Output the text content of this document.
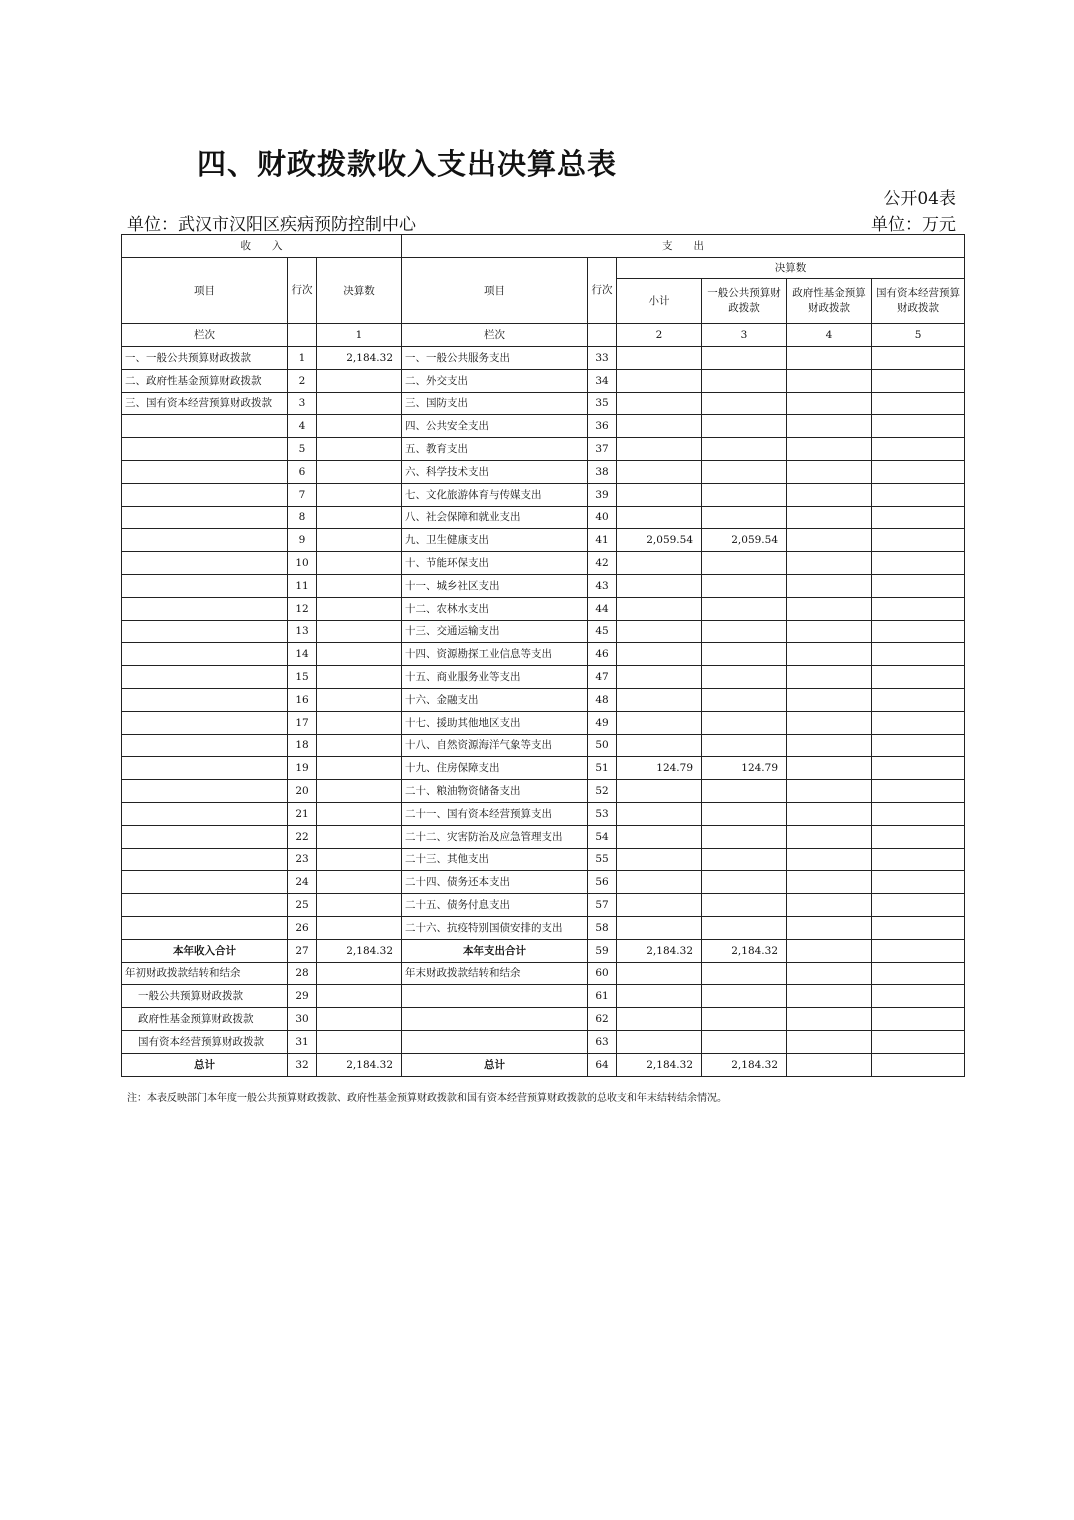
四、财政拨款收入支出决算总表
公开04表
单位：武汉市汉阳区疾病预防控制中心	单位：万元
收　　入			支　　出					
项目	行次	决算数	项目	行次	决算数			
					小计	一般公共预算财政拨款	政府性基金预算财政拨款	国有资本经营预算财政拨款
栏次		1	栏次		2	3	4	5
一、一般公共预算财政拨款	1	2,184.32	一、一般公共服务支出	33				
二、政府性基金预算财政拨款	2		二、外交支出	34				
三、国有资本经营预算财政拨款	3		三、国防支出	35				
	4		四、公共安全支出	36				
	5		五、教育支出	37				
	6		六、科学技术支出	38				
	7		七、文化旅游体育与传媒支出	39				
	8		八、社会保障和就业支出	40				
	9		九、卫生健康支出	41	2,059.54	2,059.54		
	10		十、节能环保支出	42				
	11		十一、城乡社区支出	43				
	12		十二、农林水支出	44				
	13		十三、交通运输支出	45				
	14		十四、资源勘探工业信息等支出	46				
	15		十五、商业服务业等支出	47				
	16		十六、金融支出	48				
	17		十七、援助其他地区支出	49				
	18		十八、自然资源海洋气象等支出	50				
	19		十九、住房保障支出	51	124.79	124.79		
	20		二十、粮油物资储备支出	52				
	21		二十一、国有资本经营预算支出	53				
	22		二十二、灾害防治及应急管理支出	54				
	23		二十三、其他支出	55				
	24		二十四、债务还本支出	56				
	25		二十五、债务付息支出	57				
	26		二十六、抗疫特别国债安排的支出	58				
本年收入合计	27	2,184.32	本年支出合计	59	2,184.32	2,184.32		
年初财政拨款结转和结余	28		年末财政拨款结转和结余	60				
一般公共预算财政拨款	29			61				
政府性基金预算财政拨款	30			62				
国有资本经营预算财政拨款	31			63				
总计	32	2,184.32	总计	64	2,184.32	2,184.32		
注：本表反映部门本年度一般公共预算财政拨款、政府性基金预算财政拨款和国有资本经营预算财政拨款的总收支和年末结转结余情况。
